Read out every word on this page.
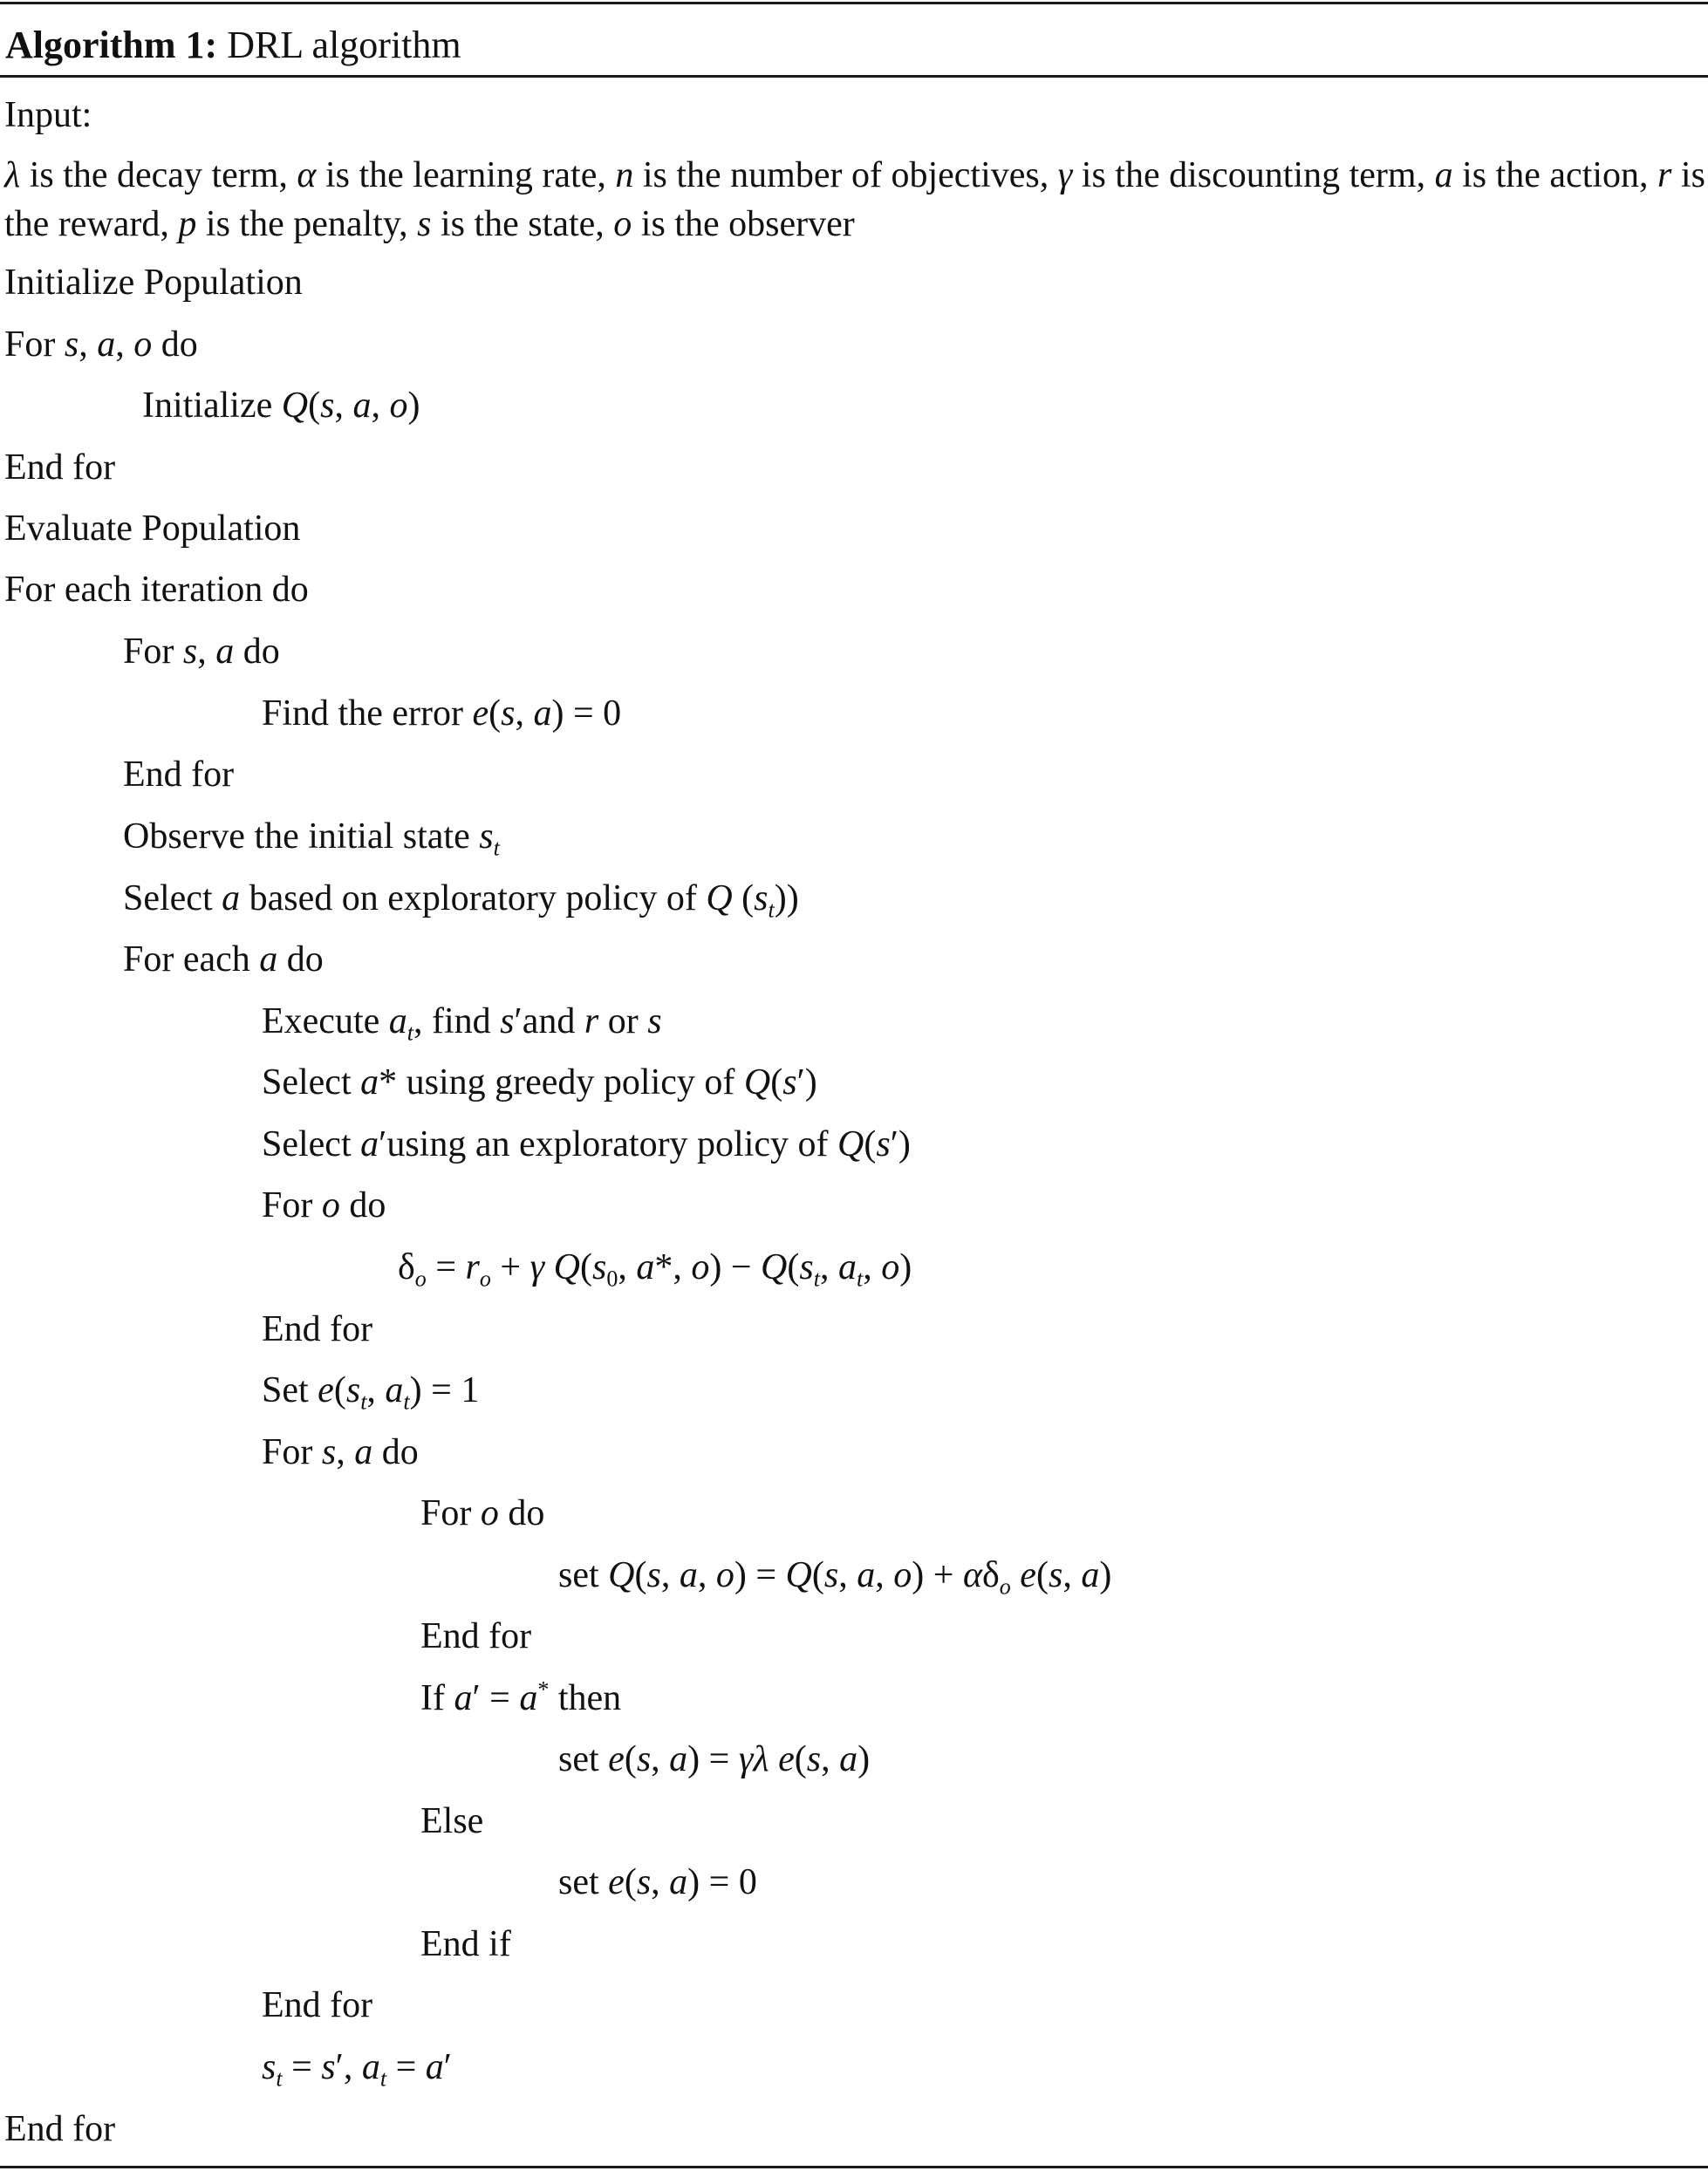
Algorithm 1: DRL algorithm
Input:
λ is the decay term, α is the learning rate, n is the number of objectives, γ is the discounting term, a is the action, r is the reward, p is the penalty, s is the state, o is the observer
Initialize Population
For s, a, o do
Initialize Q(s, a, o)
End for
Evaluate Population
For each iteration do
For s, a do
Find the error e(s, a) = 0
End for
Observe the initial state $s_t$
Select a based on exploratory policy of Q $(s_t)$)
For each a do
Execute $a_t$, find s′and r or s
Select a* using greedy policy of Q(s′)
Select a′using an exploratory policy of Q(s′)
For o do
$\delta_o = r_o + \gamma$ $Q(s_0$, a*, $o) - Q(s_t$, $a_t$, o)
End for
Set $e(s_t$, $a_t) = 1$
For s, a do
For o do
set Q(s, a, o) = Q(s, a, $o) + \alpha\delta_o$ e(s, a)
End for
If a′ = a* then
set e(s, a) = γλ e(s, a)
Else
set e(s, a) = 0
End if
End for
$s_t = s'$, $a_t = a'$
End for
